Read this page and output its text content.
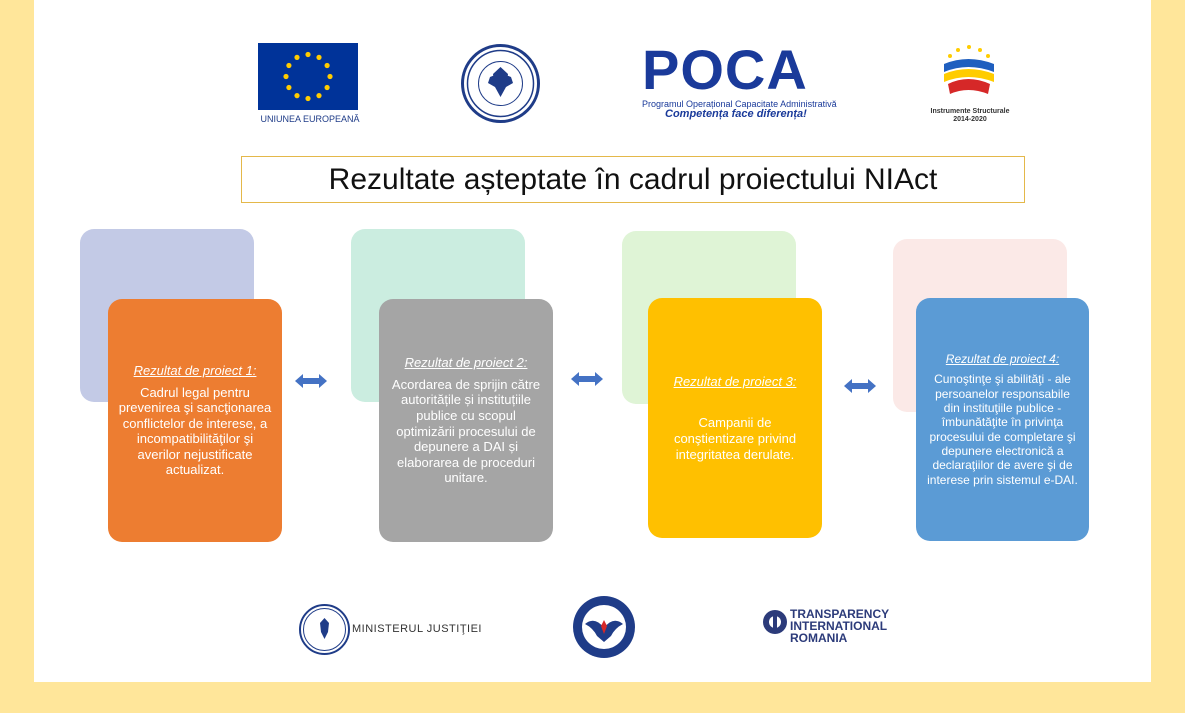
UNIUNEA EUROPEANĂ
POCA
Programul Operațional Capacitate Administrativă
Competența face diferența!	Instrumente Structurale
2014-2020
Rezultate așteptate în cadrul proiectului NIAct
Rezultat de proiect 1:
Cadrul legal pentru prevenirea şi sancţionarea conflictelor de interese, a incompatibilităţilor şi averilor nejustificate actualizat.
Rezultat de proiect 2:
Acordarea de sprijin către autoritățile și instituțiile publice cu scopul optimizării procesului de depunere a DAI și elaborarea de proceduri unitare.
Rezultat de proiect 3:
Campanii de conştientizare privind integritatea derulate.
Rezultat de proiect 4:
Cunoştinţe şi abilităţi - ale persoanelor responsabile din instituţiile publice - îmbunătăţite în privinţa procesului de completare şi depunere electronică a declaraţiilor de avere şi de interese prin sistemul e-DAI.
MINISTERUL JUSTIŢIEI
TRANSPARENCY
INTERNATIONAL
ROMANIA
